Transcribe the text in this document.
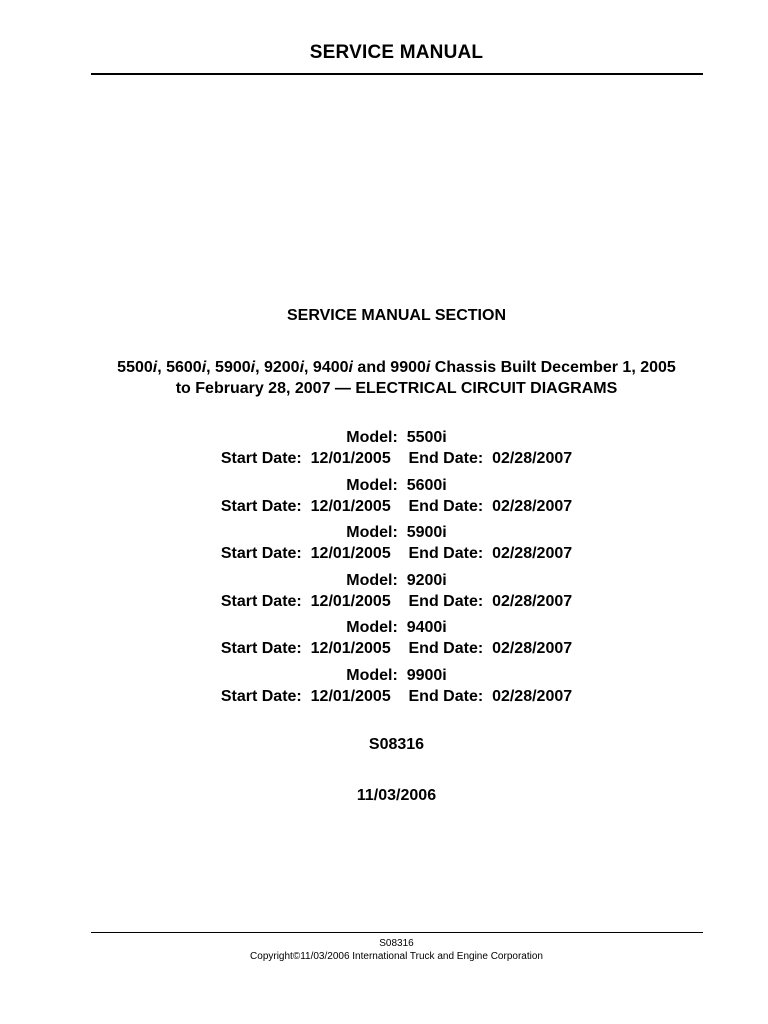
SERVICE MANUAL
SERVICE MANUAL SECTION
5500i, 5600i, 5900i, 9200i, 9400i and 9900i Chassis Built December 1, 2005
to February 28, 2007 — ELECTRICAL CIRCUIT DIAGRAMS
Model:  5500i
Start Date:  12/01/2005    End Date:  02/28/2007
Model:  5600i
Start Date:  12/01/2005    End Date:  02/28/2007
Model:  5900i
Start Date:  12/01/2005    End Date:  02/28/2007
Model:  9200i
Start Date:  12/01/2005    End Date:  02/28/2007
Model:  9400i
Start Date:  12/01/2005    End Date:  02/28/2007
Model:  9900i
Start Date:  12/01/2005    End Date:  02/28/2007
S08316
11/03/2006
S08316
Copyright©11/03/2006 International Truck and Engine Corporation
